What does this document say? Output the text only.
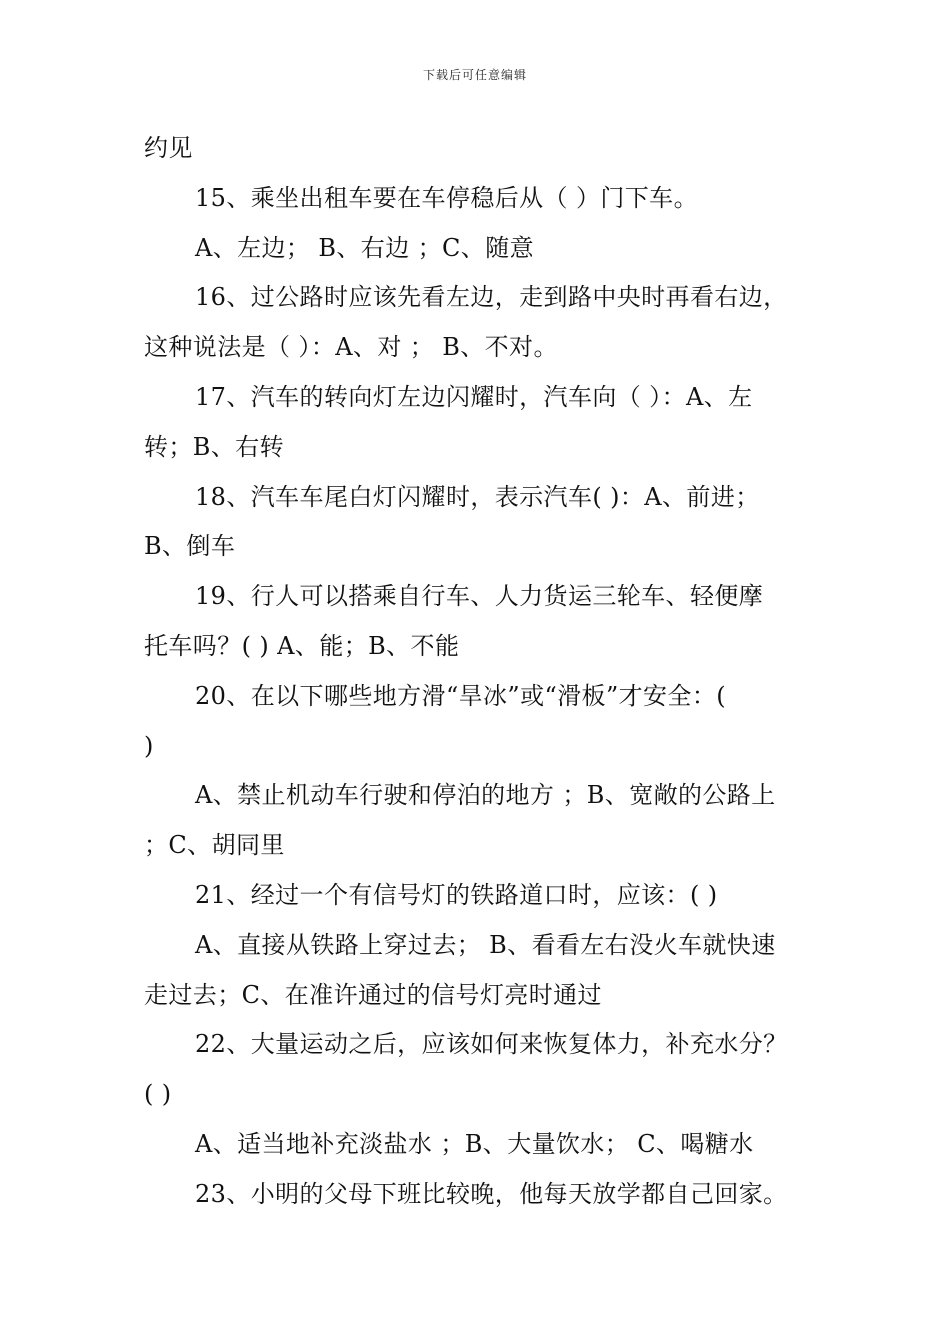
下载后可任意编辑
约见
15、乘坐出租车要在车停稳后从（ ）门下车。
A、左边； B、右边 ；C、随意
16、过公路时应该先看左边，走到路中央时再看右边，
这种说法是（ ）：A、对 ； B、不对。
17、汽车的转向灯左边闪耀时，汽车向（ ）：A、左
转；B、右转
18、汽车车尾白灯闪耀时，表示汽车( )：A、前进；
B、倒车
19、行人可以搭乘自行车、人力货运三轮车、轻便摩
托车吗？( ) A、能；B、不能
20、在以下哪些地方滑“旱冰”或“滑板”才安全：(
)
A、禁止机动车行驶和停泊的地方 ；B、宽敞的公路上
；C、胡同里
21、经过一个有信号灯的铁路道口时，应该：( )
A、直接从铁路上穿过去； B、看看左右没火车就快速
走过去；C、在准许通过的信号灯亮时通过
22、大量运动之后，应该如何来恢复体力，补充水分？
( )
A、适当地补充淡盐水 ；B、大量饮水； C、喝糖水
23、小明的父母下班比较晚，他每天放学都自己回家。
